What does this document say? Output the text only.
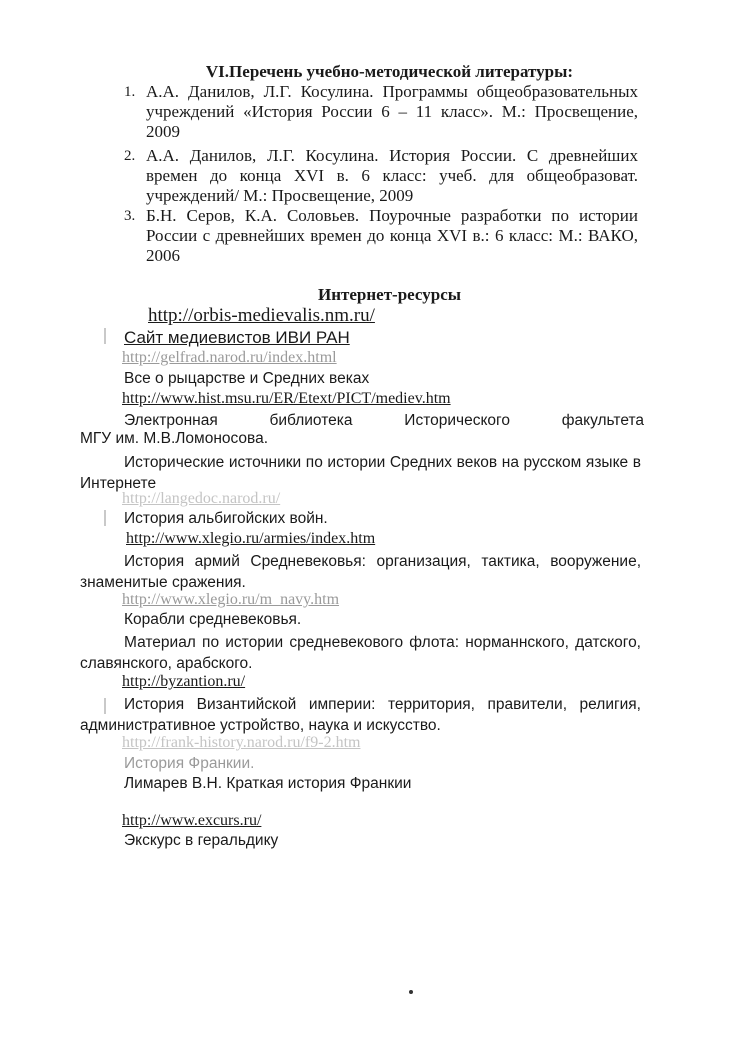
VI.Перечень учебно-методической литературы:
1. А.А. Данилов, Л.Г. Косулина. Программы общеобразовательных учреждений «История России 6 – 11 класс». М.: Просвещение, 2009
2. А.А. Данилов, Л.Г. Косулина. История России. С древнейших времен до конца XVI в. 6 класс: учеб. для общеобразоват. учреждений/ М.: Просвещение, 2009
3. Б.Н. Серов, К.А. Соловьев. Поурочные разработки по истории России с древнейших времен до конца XVI в.: 6 класс: М.: ВАКО, 2006
Интернет-ресурсы
http://orbis-medievalis.nm.ru/
Сайт медиевистов ИВИ РАН
http://gelfrad.narod.ru/index.html
Все о рыцарстве и Средних веках
http://www.hist.msu.ru/ER/Etext/PICT/mediev.htm
Электронная библиотека Исторического факультета
МГУ им. М.В.Ломоносова.
Исторические источники по истории Средних веков на русском языке в Интернете
http://langedoc.narod.ru/
История альбигойских войн.
http://www.xlegio.ru/armies/index.htm
История армий Средневековья: организация, тактика, вооружение, знаменитые сражения.
http://www.xlegio.ru/m_navy.htm
Корабли средневековья.
Материал по истории средневекового флота: норманнского, датского, славянского, арабского.
http://byzantion.ru/
История Византийской империи: территория, правители, религия, административное устройство, наука и искусство.
http://frank-history.narod.ru/f9-2.htm
История Франкии.
Лимарев В.Н. Краткая история Франкии
http://www.excurs.ru/
Экскурс в геральдику
